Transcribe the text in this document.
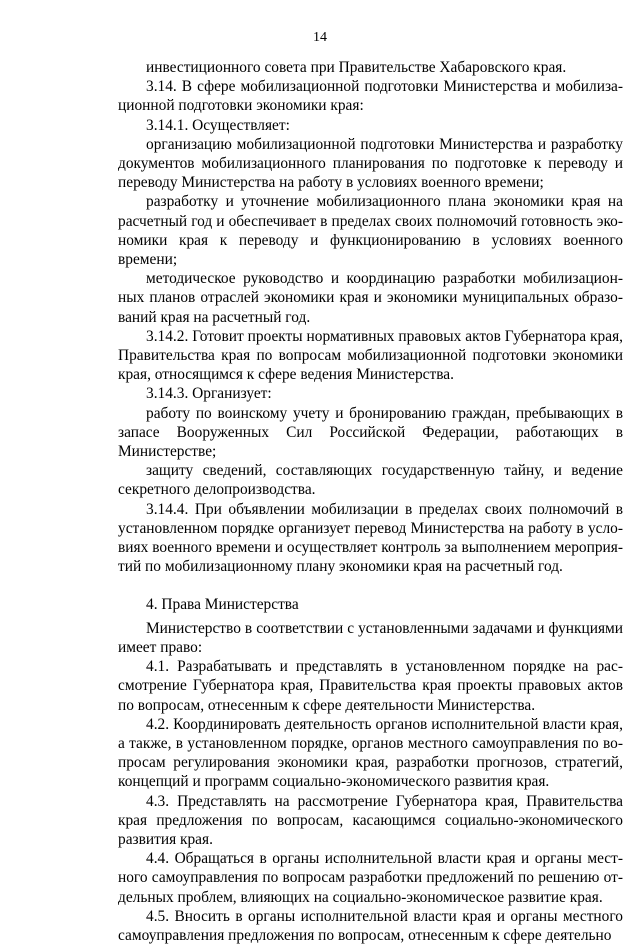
14

инвестиционного совета при Правительстве Хабаровского края.

3.14. В сфере мобилизационной подготовки Министерства и мобилизационной подготовки экономики края:

3.14.1. Осуществляет:

организацию мобилизационной подготовки Министерства и разработку документов мобилизационного планирования по подготовке к переводу и переводу Министерства на работу в условиях военного времени;

разработку и уточнение мобилизационного плана экономики края на расчетный год и обеспечивает в пределах своих полномочий готовность экономики края к переводу и функционированию в условиях военного времени;

методическое руководство и координацию разработки мобилизационных планов отраслей экономики края и экономики муниципальных образований края на расчетный год.

3.14.2. Готовит проекты нормативных правовых актов Губернатора края, Правительства края по вопросам мобилизационной подготовки экономики края, относящимся к сфере ведения Министерства.

3.14.3. Организует:

работу по воинскому учету и бронированию граждан, пребывающих в запасе Вооруженных Сил Российской Федерации, работающих в Министерстве;

защиту сведений, составляющих государственную тайну, и ведение секретного делопроизводства.

3.14.4. При объявлении мобилизации в пределах своих полномочий в установленном порядке организует перевод Министерства на работу в условиях военного времени и осуществляет контроль за выполнением мероприятий по мобилизационному плану экономики края на расчетный год.

4. Права Министерства

Министерство в соответствии с установленными задачами и функциями имеет право:

4.1. Разрабатывать и представлять в установленном порядке на рассмотрение Губернатора края, Правительства края проекты правовых актов по вопросам, отнесенным к сфере деятельности Министерства.

4.2. Координировать деятельность органов исполнительной власти края, а также, в установленном порядке, органов местного самоуправления по вопросам регулирования экономики края, разработки прогнозов, стратегий, концепций и программ социально-экономического развития края.

4.3. Представлять на рассмотрение Губернатора края, Правительства края предложения по вопросам, касающимся социально-экономического развития края.

4.4. Обращаться в органы исполнительной власти края и органы местного самоуправления по вопросам разработки предложений по решению отдельных проблем, влияющих на социально-экономическое развитие края.

4.5. Вносить в органы исполнительной власти края и органы местного самоуправления предложения по вопросам, отнесенным к сфере деятельно
